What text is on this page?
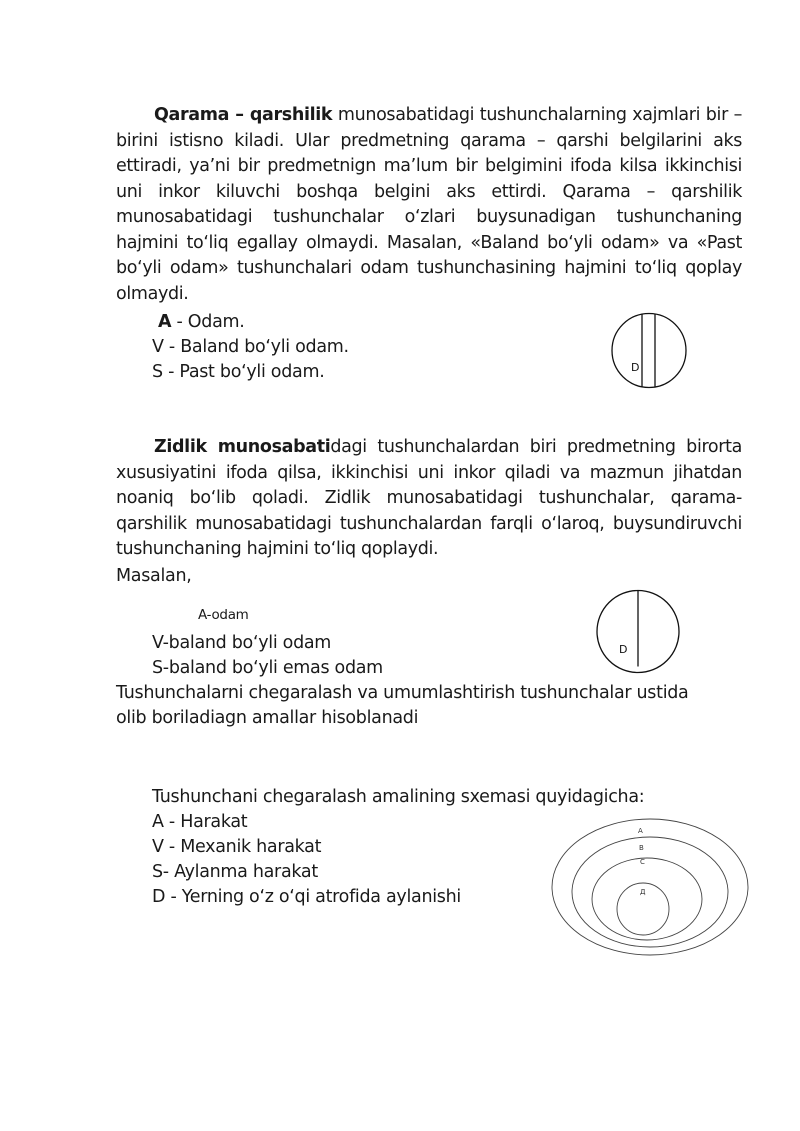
Qarama – qarshilik munosabatidagi tushunchalarning xajmlari bir – birini istisno kiladi. Ular predmetning qarama – qarshi belgilarini aks ettiradi, ya’ni bir predmetnign ma’lum bir belgimini ifoda kilsa ikkinchisi uni inkor kiluvchi boshqa belgini aks ettirdi. Qarama – qarshilik munosabatidagi tushunchalar o‘zlari buysunadigan tushunchaning hajmini to‘liq egallay olmaydi. Masalan, «Baland bo‘yli odam» va «Past bo‘yli odam» tushunchalari odam tushunchasining hajmini to‘liq qoplay olmaydi.

A - Odam.
V - Baland bo‘yli odam.
S - Past bo‘yli odam.	D

Zidlik munosabatidagi tushunchalardan biri predmetning birorta xususiyatini ifoda qilsa, ikkinchisi uni inkor qiladi va mazmun jihatdan noaniq bo‘lib qoladi. Zidlik munosabatidagi tushunchalar, qarama-qarshilik munosabatidagi tushunchalardan farqli o‘laroq, buysundiruvchi tushunchaning hajmini to‘liq qoplaydi.

Masalan,
A-odam
V-baland bo‘yli odam
S-baland bo‘yli emas odam
D
Tushunchalarni chegaralash va umumlashtirish tushunchalar ustida
olib boriladiagn amallar hisoblanadi
Tushunchani chegaralash amalining sxemasi quyidagicha:
A - Harakat
V - Mexanik harakat
S- Aylanma harakat
D - Yerning o‘z o‘qi atrofida aylanishi
A
B
C
Д
